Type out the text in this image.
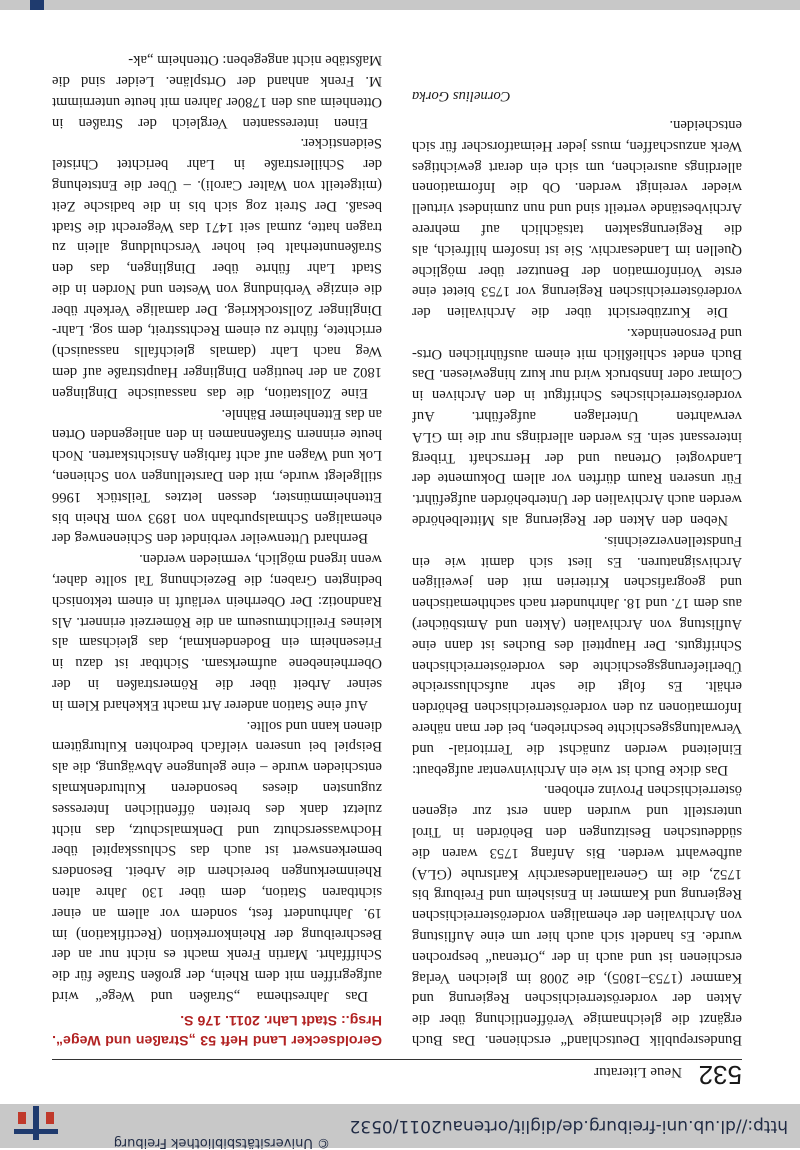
http://dl.ub.uni-freiburg.de/diglit/ortenau2011/0532
© Universitätsbibliothek Freiburg
532
Neue Literatur

Bundesrepublik Deutschland“ erschienen. Das Buch ergänzt die gleichnamige Veröffentlichung über die Akten der vorderösterreichischen Regierung und Kammer (1753–1805), die 2008 im gleichen Verlag erschienen ist und auch in der „Ortenau“ besprochen wurde. Es handelt sich auch hier um eine Auflistung von Archivalien der ehemaligen vorderösterreichischen Regierung und Kammer in Ensisheim und Freiburg bis 1752, die im Generallandesarchiv Karlsruhe (GLA) aufbewahrt werden. Bis Anfang 1753 waren die süddeutschen Besitzungen den Behörden in Tirol unterstellt und wurden dann erst zur eigenen österreichischen Provinz erhoben.

Das dicke Buch ist wie ein Archivinventar aufgebaut: Einleitend werden zunächst die Territorial- und Verwaltungsgeschichte beschrieben, bei der man nähere Informationen zu den vorderösterreichischen Behörden erhält. Es folgt die sehr aufschlussreiche Überlieferungsgeschichte des vorderösterreichischen Schriftguts. Der Hauptteil des Buches ist dann eine Auflistung von Archivalien (Akten und Amtsbücher) aus dem 17. und 18. Jahrhundert nach sachthematischen und geografischen Kriterien mit den jeweiligen Archivsignaturen. Es liest sich damit wie ein Fundstellenverzeichnis.

Neben den Akten der Regierung als Mittelbehörde werden auch Archivalien der Unterbehörden aufgeführt. Für unseren Raum dürften vor allem Dokumente der Landvogtei Ortenau und der Herrschaft Triberg interessant sein. Es werden allerdings nur die im GLA verwahrten Unterlagen aufgeführt. Auf vorderösterreichisches Schriftgut in den Archiven in Colmar oder Innsbruck wird nur kurz hingewiesen. Das Buch endet schließlich mit einem ausführlichen Orts- und Personenindex.

Die Kurzübersicht über die Archivalien der vorderösterreichischen Regierung vor 1753 bietet eine erste Vorinformation der Benutzer über mögliche Quellen im Landesarchiv. Sie ist insofern hilfreich, als die Regierungsakten tatsächlich auf mehrere Archivbestände verteilt sind und nun zumindest virtuell wieder vereinigt werden. Ob die Informationen allerdings ausreichen, um sich ein derart gewichtiges Werk anzuschaffen, muss jeder Heimatforscher für sich entscheiden.

Cornelius Gorka

Geroldsecker Land Heft 53 „Straßen und Wege“. Hrsg.: Stadt Lahr. 2011. 176 S.

Das Jahresthema „Straßen und Wege“ wird aufgegriffen mit dem Rhein, der großen Straße für die Schifffahrt. Martin Frenk macht es nicht nur an der Beschreibung der Rheinkorrektion (Rectifikation) im 19. Jahrhundert fest, sondern vor allem an einer sichtbaren Station, dem über 130 Jahre alten Rheinmerkungen bereichern die Arbeit. Besonders bemerkenswert ist auch das Schlusskapitel über Hochwasserschutz und Denkmalschutz, das nicht zuletzt dank des breiten öffentlichen Interesses zugunsten dieses besonderen Kulturdenkmals entschieden wurde – eine gelungene Abwägung, die als Beispiel bei unseren vielfach bedrohten Kulturgütern dienen kann und sollte.

Auf eine Station anderer Art macht Ekkehard Klem in seiner Arbeit über die Römerstraßen in der Oberrheinebene aufmerksam. Sichtbar ist dazu in Friesenheim ein Bodendenkmal, das gleichsam als kleines Freilichtmuseum an die Römerzeit erinnert. Als Randnotiz: Der Oberrhein verläuft in einem tektonisch bedingten Graben; die Bezeichnung Tal sollte daher, wenn irgend möglich, vermieden werden.

Bernhard Uttenweiler verbindet den Schienenweg der ehemaligen Schmalspurbahn von 1893 vom Rhein bis Ettenheimmünster, dessen letztes Teilstück 1966 stillgelegt wurde, mit den Darstellungen von Schienen, Lok und Wagen auf acht farbigen Ansichtskarten. Noch heute erinnern Straßennamen in den anliegenden Orten an das Ettenheimer Bähnle.

Eine Zollstation, die das nassauische Dinglingen 1802 an der heutigen Dinglinger Hauptstraße auf dem Weg nach Lahr (damals gleichfalls nassauisch) errichtete, führte zu einem Rechtsstreit, dem sog. Lahr-Dinglinger Zollstockkrieg. Der damalige Verkehr über die einzige Verbindung von Westen und Norden in die Stadt Lahr führte über Dinglingen, das den Straßenunterhalt bei hoher Verschuldung allein zu tragen hatte, zumal seit 1471 das Wegerecht die Stadt besaß. Der Streit zog sich bis in die badische Zeit (mitgeteilt von Walter Caroli). – Über die Entstehung der Schillerstraße in Lahr berichtet Christel Seidensticker.

Einen interessanten Vergleich der Straßen in Ottenheim aus den 1780er Jahren mit heute unternimmt M. Frenk anhand der Ortspläne. Leider sind die Maßstäbe nicht angegeben: Ottenheim „ak-
